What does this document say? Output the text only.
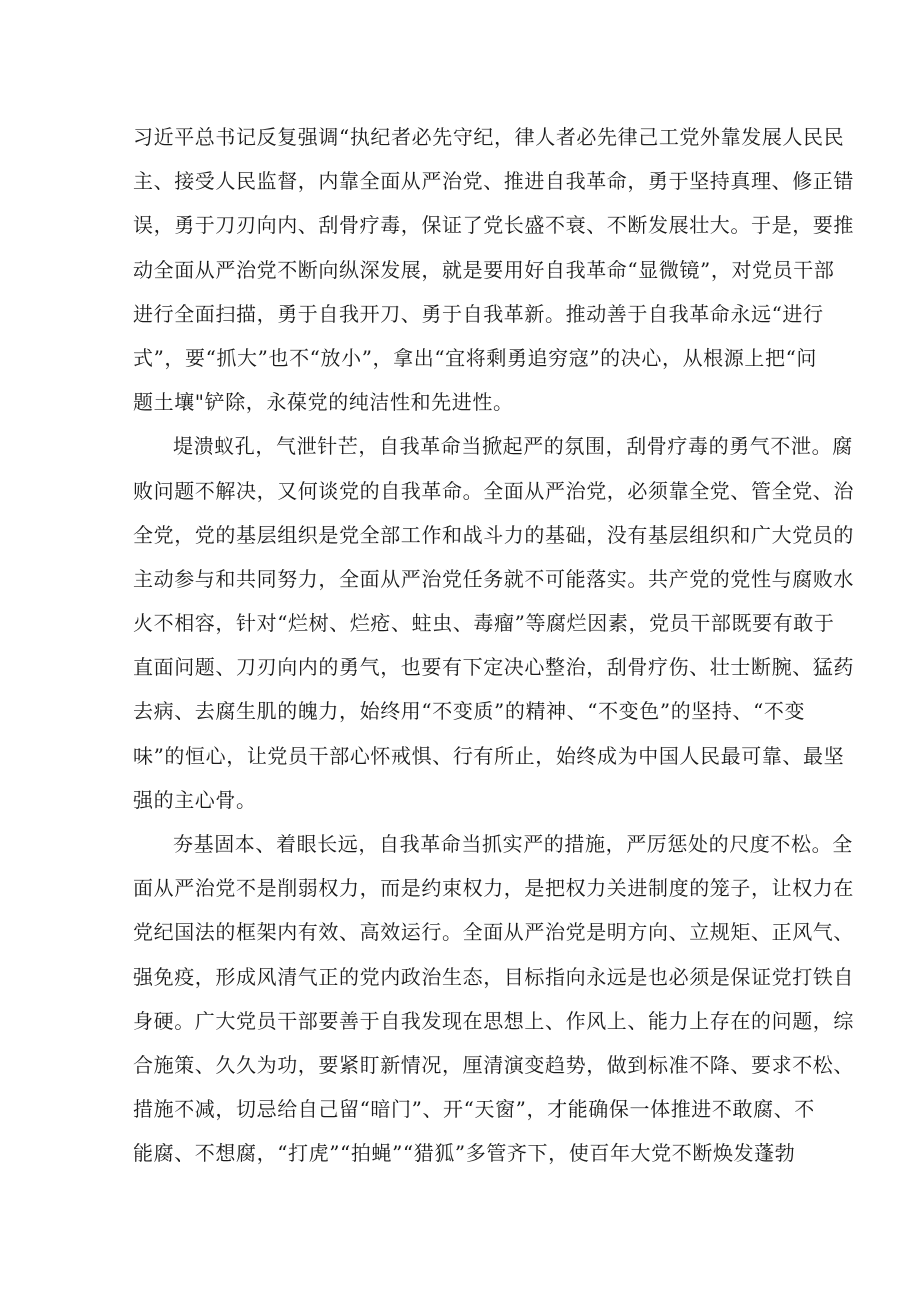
习近平总书记反复强调“执纪者必先守纪，律人者必先律己工党外靠发展人民民
主、接受人民监督，内靠全面从严治党、推进自我革命，勇于坚持真理、修正错
误，勇于刀刃向内、刮骨疗毒，保证了党长盛不衰、不断发展壮大。于是，要推
动全面从严治党不断向纵深发展，就是要用好自我革命“显微镜”，对党员干部
进行全面扫描，勇于自我开刀、勇于自我革新。推动善于自我革命永远“进行
式”，要“抓大”也不“放小”，拿出“宜将剩勇追穷寇”的决心，从根源上把“问
题土壤"铲除，永葆党的纯洁性和先进性。
堤溃蚁孔，气泄针芒，自我革命当掀起严的氛围，刮骨疗毒的勇气不泄。腐
败问题不解决，又何谈党的自我革命。全面从严治党，必须靠全党、管全党、治
全党，党的基层组织是党全部工作和战斗力的基础，没有基层组织和广大党员的
主动参与和共同努力，全面从严治党任务就不可能落实。共产党的党性与腐败水
火不相容，针对“烂树、烂疮、蛀虫、毒瘤”等腐烂因素，党员干部既要有敢于
直面问题、刀刃向内的勇气，也要有下定决心整治，刮骨疗伤、壮士断腕、猛药
去病、去腐生肌的魄力，始终用“不变质”的精神、“不变色”的坚持、“不变
味”的恒心，让党员干部心怀戒惧、行有所止，始终成为中国人民最可靠、最坚
强的主心骨。
夯基固本、着眼长远，自我革命当抓实严的措施，严厉惩处的尺度不松。全
面从严治党不是削弱权力，而是约束权力，是把权力关进制度的笼子，让权力在
党纪国法的框架内有效、高效运行。全面从严治党是明方向、立规矩、正风气、
强免疫，形成风清气正的党内政治生态，目标指向永远是也必须是保证党打铁自
身硬。广大党员干部要善于自我发现在思想上、作风上、能力上存在的问题，综
合施策、久久为功，要紧盯新情况，厘清演变趋势，做到标准不降、要求不松、
措施不减，切忌给自己留“暗门”、开“天窗”，才能确保一体推进不敢腐、不
能腐、不想腐，“打虎”“拍蝇”“猎狐”多管齐下，使百年大党不断焕发蓬勃
